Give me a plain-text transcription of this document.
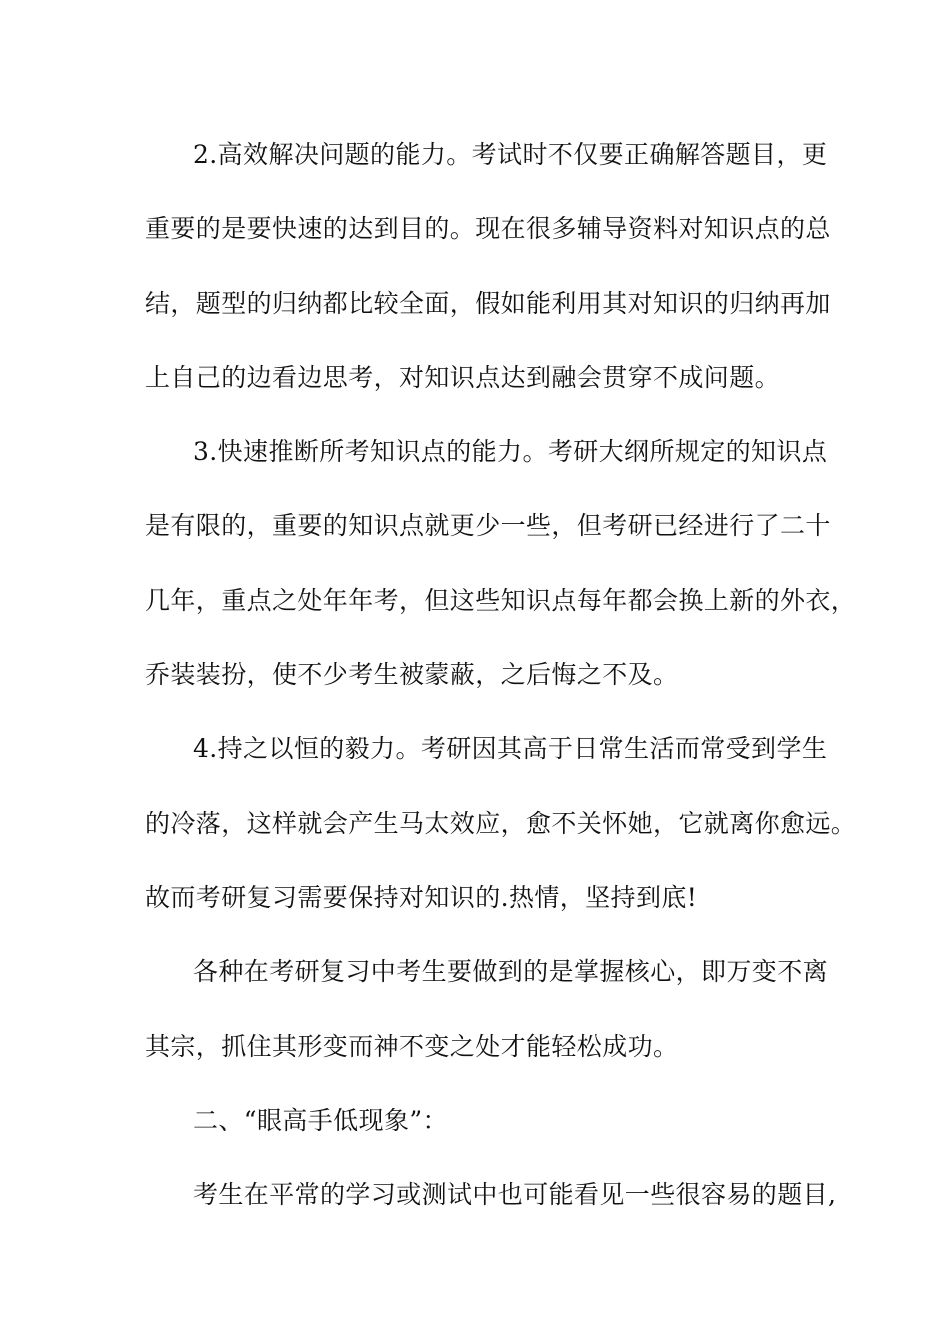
2.高效解决问题的能力。考试时不仅要正确解答题目，更
重要的是要快速的达到目的。现在很多辅导资料对知识点的总
结，题型的归纳都比较全面，假如能利用其对知识的归纳再加
上自己的边看边思考，对知识点达到融会贯穿不成问题。
3.快速推断所考知识点的能力。考研大纲所规定的知识点
是有限的，重要的知识点就更少一些，但考研已经进行了二十
几年，重点之处年年考，但这些知识点每年都会换上新的外衣，
乔装装扮，使不少考生被蒙蔽，之后悔之不及。
4.持之以恒的毅力。考研因其高于日常生活而常受到学生
的冷落，这样就会产生马太效应，愈不关怀她，它就离你愈远。
故而考研复习需要保持对知识的.热情，坚持到底!
各种在考研复习中考生要做到的是掌握核心，即万变不离
其宗，抓住其形变而神不变之处才能轻松成功。
二、“眼高手低现象”：
考生在平常的学习或测试中也可能看见一些很容易的题目,
